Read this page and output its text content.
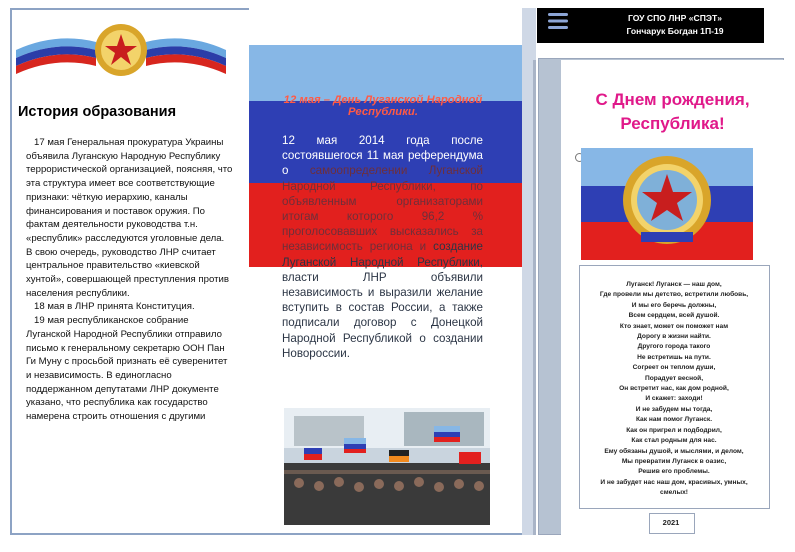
История образования

17 мая Генеральная прокуратура Украины объявила Луганскую Народную Республику террористической организацией, поясняя, что эта структура имеет все соответствующие признаки: чёткую иерархию, каналы финансирования и поставок оружия. По фактам деятельности руководства т.н. «республик» расследуются уголовные дела. В свою очередь, руководство ЛНР считает центральное правительство «киевской хунтой», совершающей преступления против населения республики.

18 мая в ЛНР принята Конституция.

19 мая республиканское собрание Луганской Народной Республики отправило письмо к генеральному секретарю ООН Пан Ги Муну с просьбой признать её суверенитет и независимость. В единогласно поддержанном депутатами ЛНР документе указано, что республика как государство намерена строить отношения с другими

12 мая – День Луганской Народной Республики.
12 мая 2014 года после состоявшегося 11 мая референдума о самоопределении Луганской Народной Республики, по объявленным организаторами итогам которого 96,2 % проголосовавших высказались за независимость региона и создание Луганской Народной Республики, власти ЛНР объявили независимость и выразили желание вступить в состав России, а также подписали договор с Донецкой Народной Республикой о создании Новороссии.
ГОУ СПО ЛНР «СПЭТ»
Гончарук Богдан 1П-19
С Днем рождения,
Республика!
Луганск! Луганск — наш дом,
Где провели мы детство, встретили любовь,
И мы его беречь должны,
Всем сердцем, всей душой.
Кто знает, может он поможет нам
Дорогу в жизни найти.
Другого города такого
Не встретишь на пути.
Согреет он теплом души,
Порадует весной,
Он встретит нас, как дом родной,
И скажет: заходи!
И не забудем мы тогда,
Как нам помог Луганск.
Как он пригрел и подбодрил,
Как стал родным для нас.
Ему обязаны душой, и мыслями, и делом,
Мы превратим Луганск в оазис,
Решив его проблемы.
И не забудет нас наш дом, красивых, умных,
смелых!
2021
